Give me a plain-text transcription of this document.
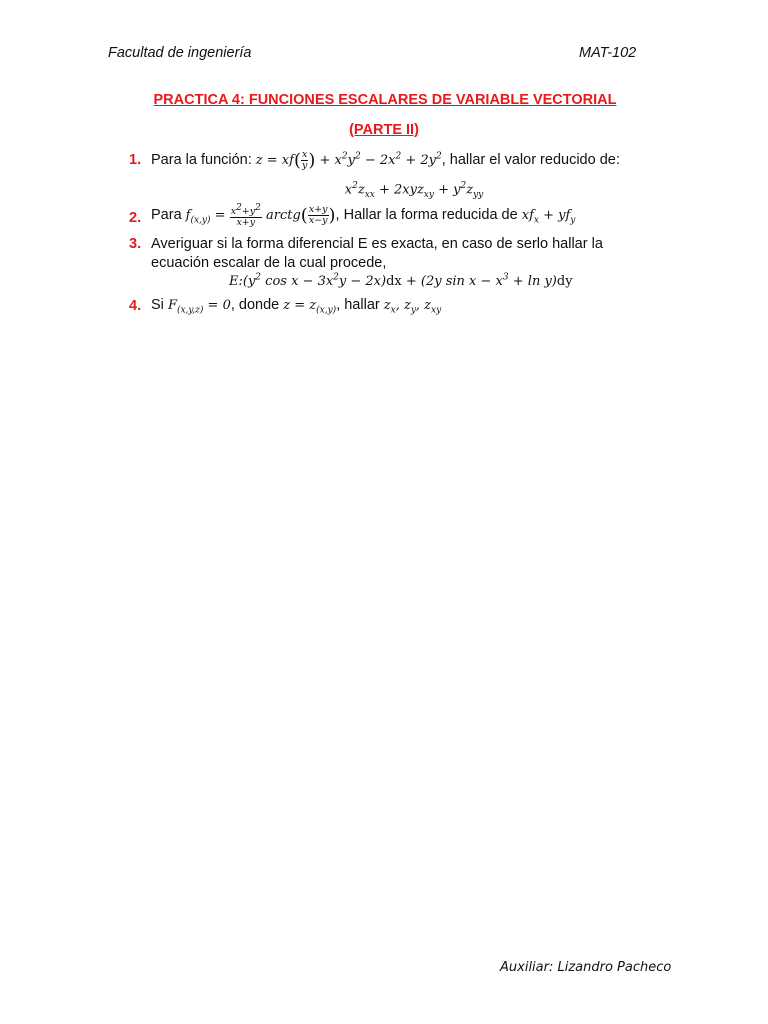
Facultad de ingeniería	MAT-102
PRACTICA 4: FUNCIONES ESCALARES DE VARIABLE VECTORIAL
(PARTE II)
1. Para la función: $z = xf( \frac{x}{y}$ ) + $x^2y^2 - 2x^2 + 2y^2$, hallar el valor reducido de:
$x^2z_{xx} + 2xyz_{xy} + y^2z_{yy}$
2. Para $f_{(x,y)} = \frac{x^2+y^2}{x+y}$ arctg( $\frac{x+y}{x-y}$ ), Hallar la forma reducida de $xf_x + yf_y$
3. Averiguar si la forma diferencial E es exacta, en caso de serlo hallar la
ecuación escalar de la cual procede,
$E:(y^2$ $\cos x - 3x^2y - 2x)dx + (2y$ $\sin x - x^3 + \ln y)dy$
4. Si $F_{(x,y,z)} = 0$, donde $z = z_{(x,y)}$, hallar $z_x$, $z_y$, $z_{xy}$
Auxiliar: Lizandro Pacheco
